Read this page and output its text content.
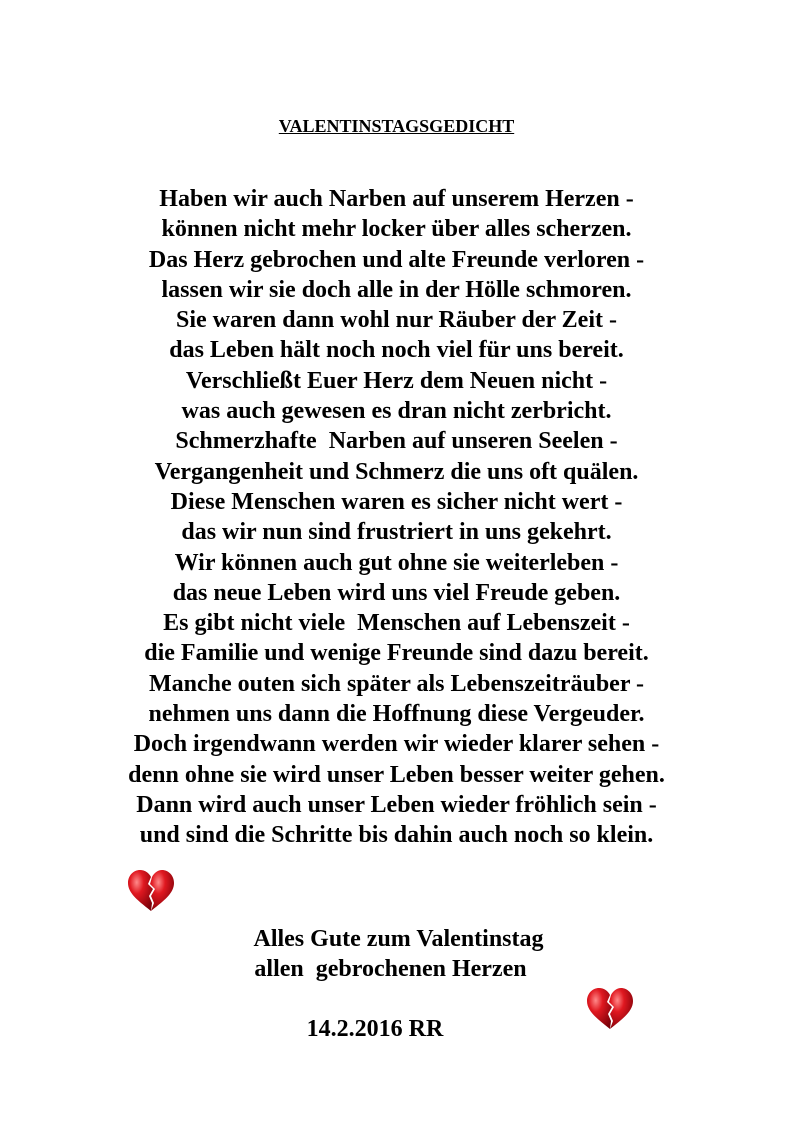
VALENTINSTAGSGEDICHT
Haben wir auch Narben auf unserem Herzen -
können nicht mehr locker über alles scherzen.
Das Herz gebrochen und alte Freunde verloren -
lassen wir sie doch alle in der Hölle schmoren.
Sie waren dann wohl nur Räuber der Zeit -
das Leben hält noch noch viel für uns bereit.
Verschließt Euer Herz dem Neuen nicht -
was auch gewesen es dran nicht zerbricht.
Schmerzhafte  Narben auf unseren Seelen -
Vergangenheit und Schmerz die uns oft quälen.
Diese Menschen waren es sicher nicht wert -
das wir nun sind frustriert in uns gekehrt.
Wir können auch gut ohne sie weiterleben -
das neue Leben wird uns viel Freude geben.
Es gibt nicht viele  Menschen auf Lebenszeit -
die Familie und wenige Freunde sind dazu bereit.
Manche outen sich später als Lebenszeiträuber -
nehmen uns dann die Hoffnung diese Vergeuder.
Doch irgendwann werden wir wieder klarer sehen -
denn ohne sie wird unser Leben besser weiter gehen.
Dann wird auch unser Leben wieder fröhlich sein -
und sind die Schritte bis dahin auch noch so klein.
Alles Gute zum Valentinstag
allen  gebrochenen Herzen
14.2.2016 RR
